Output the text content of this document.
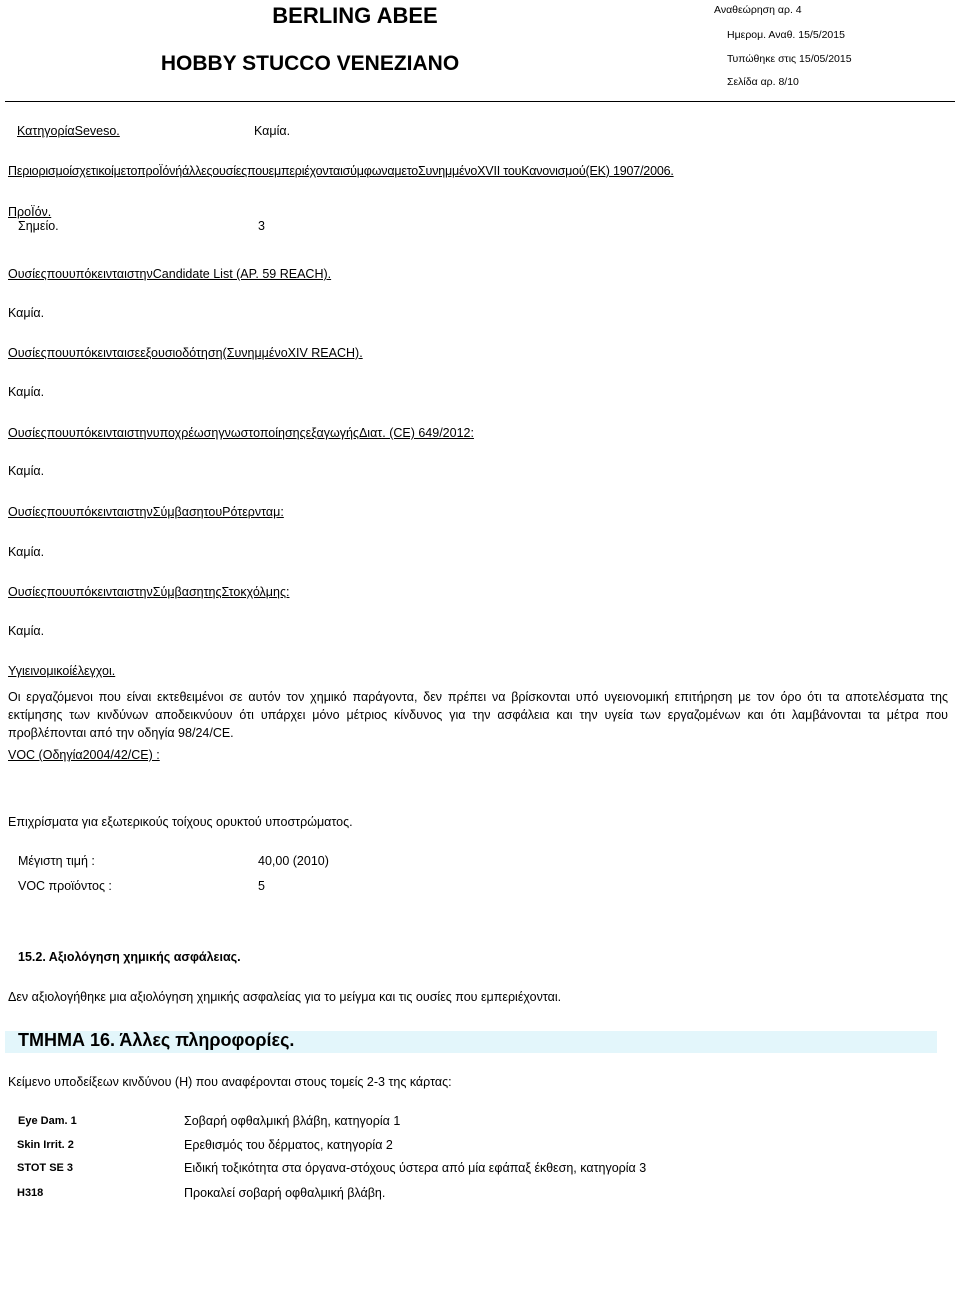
BERLING ABEE
HOBBY STUCCO VENEZIANO
Αναθεώρηση αρ. 4
Ημερομ. Αναθ. 15/5/2015
Τυπώθηκε στις 15/05/2015
Σελίδα αρ. 8/10
ΚατηγορίαSeveso.	Καμία.
ΠεριορισμοίσχετικοίμετοπροΪόνήάλλεςουσίεςπουεμπεριέχονταισύμφωναμετοΣυνημμένοXVII τουΚανονισμού(ΕΚ) 1907/2006.
ΠροΪόν.
Σημείο.	3
ΟυσίεςπουυπόκεινταιστηνCandidate List (ΑΡ. 59 REACH).
Καμία.
Ουσίεςπουυπόκεινταισεεξουσιοδότηση(ΣυνημμένοXIV REACH).
Καμία.
ΟυσίεςπουυπόκεινταιστηνυποχρέωσηγνωστοποίησηςεξαγωγήςΔιατ. (CE) 649/2012:
Καμία.
ΟυσίεςπουυπόκεινταιστηνΣύμβασητουΡότερνταμ:
Καμία.
ΟυσίεςπουυπόκεινταιστηνΣύμβασητηςΣτοκχόλμης:
Καμία.
Υγιεινομικοίέλεγχοι.
Οι εργαζόμενοι που είναι εκτεθειμένοι σε αυτόν τον χημικό παράγοντα, δεν πρέπει να βρίσκονται υπό υγειονομική επιτήρηση με τον όρο ότι τα αποτελέσματα της εκτίμησης των κινδύνων αποδεικνύουν ότι υπάρχει μόνο μέτριος κίνδυνος για την ασφάλεια και την υγεία των εργαζομένων και ότι λαμβάνονται τα μέτρα που προβλέπονται από την οδηγία 98/24/CE.
VOC (Οδηγία2004/42/CE) :
Επιχρίσματα για εξωτερικούς τοίχους ορυκτού υποστρώματος.
Μέγιστη τιμή :	40,00 (2010)
VOC προϊόντος :	5
15.2. Αξιολόγηση χημικής ασφάλειας.
Δεν αξιολογήθηκε μια αξιολόγηση χημικής ασφαλείας για το μείγμα και τις ουσίες που εμπεριέχονται.
ΤΜΗΜΑ 16. Άλλες πληροφορίες.
Κείμενο υποδείξεων κινδύνου (H) που αναφέρονται στους τομείς 2-3 της κάρτας:
Eye Dam. 1	Σοβαρή οφθαλμική βλάβη, κατηγορία 1
Skin Irrit. 2	Ερεθισμός του δέρματος, κατηγορία 2
STOT SE 3	Ειδική τοξικότητα στα όργανα-στόχους ύστερα από μία εφάπαξ έκθεση, κατηγορία 3
H318	Προκαλεί σοβαρή οφθαλμική βλάβη.
